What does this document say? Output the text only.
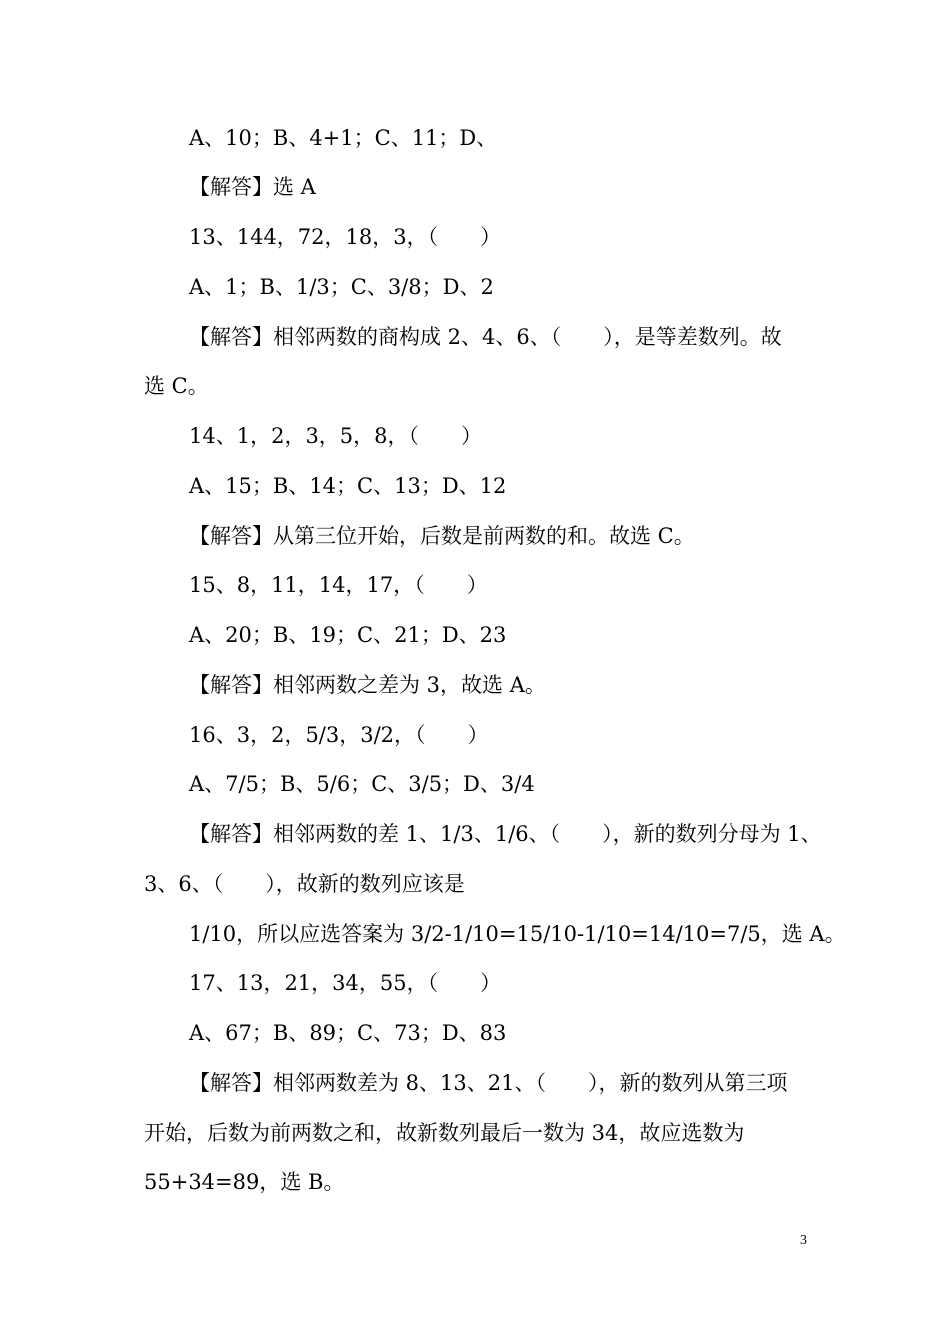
A、10；B、4+1；C、11；D、
【解答】选 A
13、144，72，18，3，（　　）
A、1；B、1/3；C、3/8；D、2
【解答】相邻两数的商构成 2、4、6、（　　），是等差数列。故
选 C。
14、1，2，3，5，8，（　　）
A、15；B、14；C、13；D、12
【解答】从第三位开始，后数是前两数的和。故选 C。
15、8，11，14，17，（　　）
A、20；B、19；C、21；D、23
【解答】相邻两数之差为 3，故选 A。
16、3，2，5/3，3/2，（　　）
A、7/5；B、5/6；C、3/5；D、3/4
【解答】相邻两数的差 1、1/3、1/6、（　　），新的数列分母为 1、
3、6、（　　），故新的数列应该是
1/10，所以应选答案为 3/2-1/10=15/10-1/10=14/10=7/5，选 A。
17、13，21，34，55，（　　）
A、67；B、89；C、73；D、83
【解答】相邻两数差为 8、13、21、（　　），新的数列从第三项
开始，后数为前两数之和，故新数列最后一数为 34，故应选数为
55+34=89，选 B。
3
